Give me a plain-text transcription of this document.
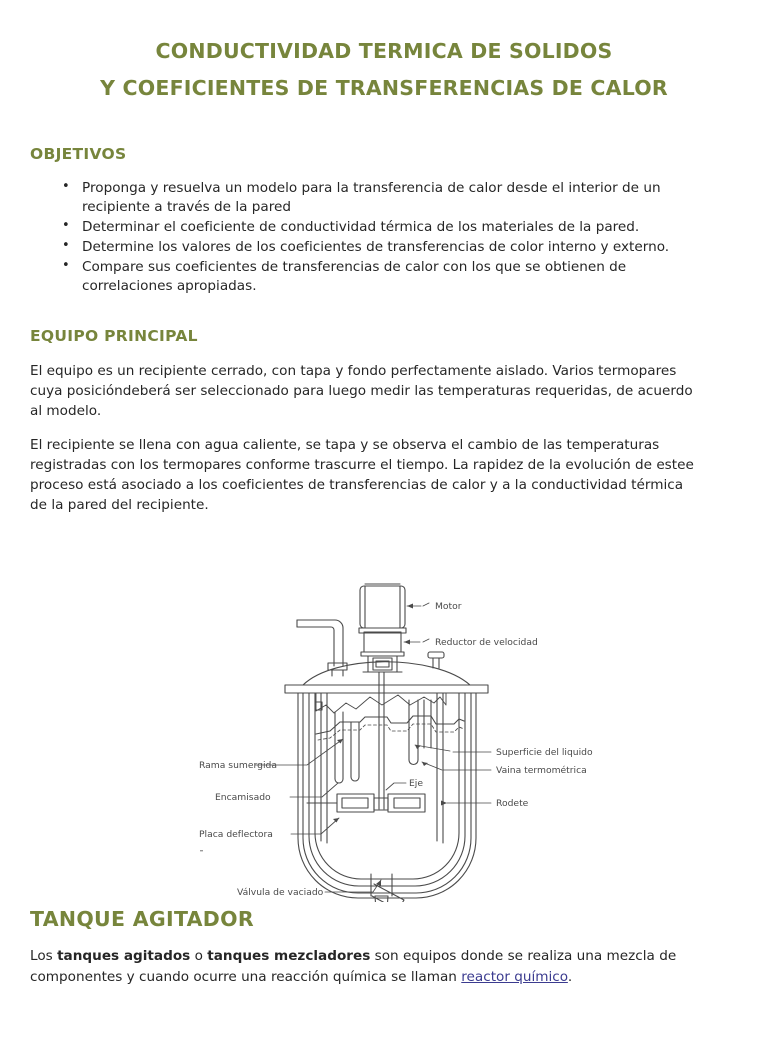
CONDUCTIVIDAD TERMICA DE SOLIDOS
Y COEFICIENTES DE TRANSFERENCIAS DE CALOR
OBJETIVOS
• Proponga y resuelva un modelo para la transferencia de calor desde el interior de un recipiente a través de la pared
• Determinar el coeficiente de conductividad térmica de los materiales de la pared.
• Determine los valores de los coeficientes de transferencias de color interno y externo.
• Compare sus coeficientes de transferencias de calor con los que se obtienen de correlaciones apropiadas.
EQUIPO PRINCIPAL

El equipo es un recipiente cerrado, con tapa y fondo perfectamente aislado. Varios termopares cuya posicióndeberá ser seleccionado para luego medir las temperaturas requeridas, de acuerdo al modelo.

El recipiente se llena con agua caliente, se tapa y se observa el cambio de las temperaturas registradas con los termopares conforme trascurre el tiempo. La rapidez de la evolución de estee proceso está asociado a los coeficientes de transferencias de calor y a la conductividad térmica de la pared del recipiente.

Motor
Reductor de velocidad
Superficie del liquido
Vaina termométrica
Rodete
Rama sumergida
Encamisado
Placa deflectora
Eje
Válvula de vaciado
TANQUE AGITADOR

Los tanques agitados o tanques mezcladores son equipos donde se realiza una mezcla de componentes y cuando ocurre una reacción química se llaman reactor químico.
